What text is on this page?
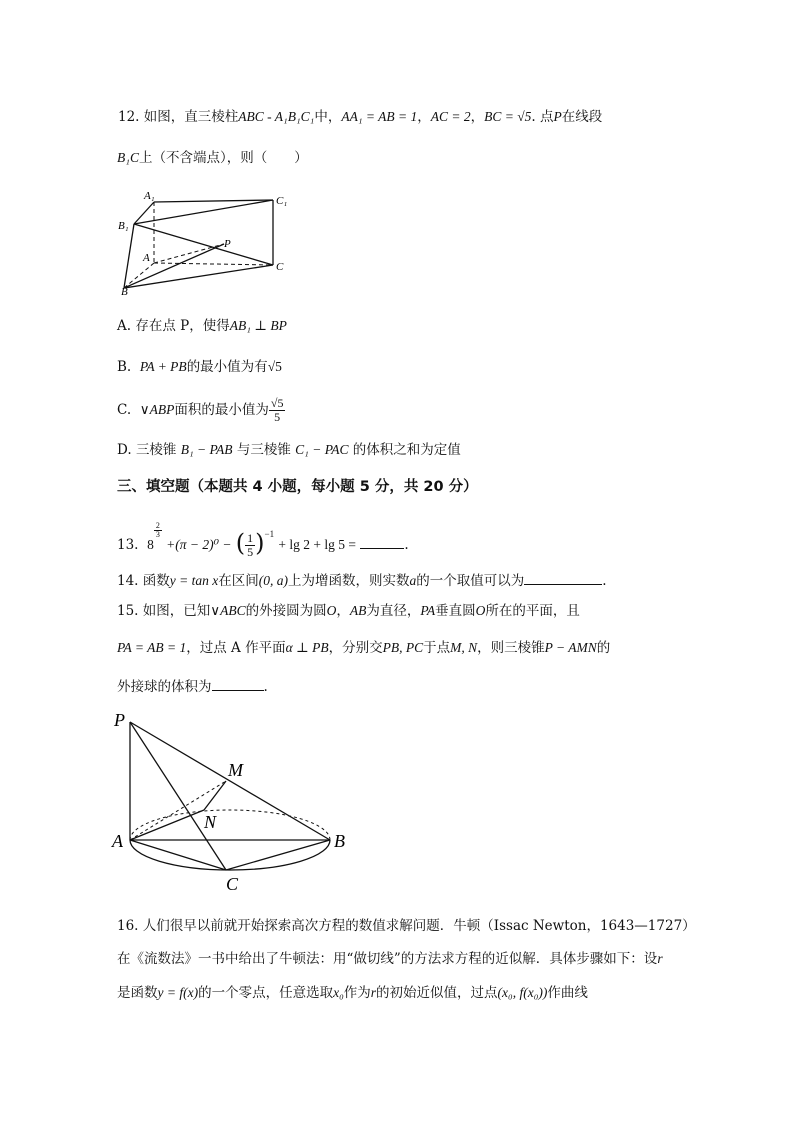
12. 如图，直三棱柱ABC - A₁B₁C₁中，AA₁ = AB = 1，AC = 2，BC = √5. 点P在线段
B₁C上（不含端点），则（　　）
A₁	C₁
B₁
P
A
C
B
A. 存在点 P，使得AB₁ ⊥ BP
B. PA + PB的最小值为有√5
C. ∨ABP面积的最小值为 $\frac{√5}{5}$
D. 三棱锥 B₁ − PAB 与三棱锥 C₁ − PAC 的体积之和为定值
三、填空题（本题共 4 小题，每小题 5 分，共 20 分）
13. 8
$\frac{2}{3}$
+(π − 2)⁰ − ( $\frac{1}{5} )^{-1} + \lg 2 + \lg 5$ =	.
14. 函数y = tan x在区间(0, a)上为增函数，则实数a的一个取值可以为	.
15. 如图，已知∨ABC的外接圆为圆O，AB为直径，PA垂直圆O所在的平面，且
PA = AB = 1，过点 A 作平面α ⊥ PB，分别交PB, PC于点M, N，则三棱锥P − AMN的
外接球的体积为	.
P
M
N
A	B
C
16. 人们很早以前就开始探索高次方程的数值求解问题．牛顿（Issac Newton，1643—1727）
在《流数法》一书中给出了牛顿法：用“做切线”的方法求方程的近似解．具体步骤如下：设r
是函数y = f(x)的一个零点，任意选取x₀作为r的初始近似值，过点(x₀, f(x₀))作曲线
